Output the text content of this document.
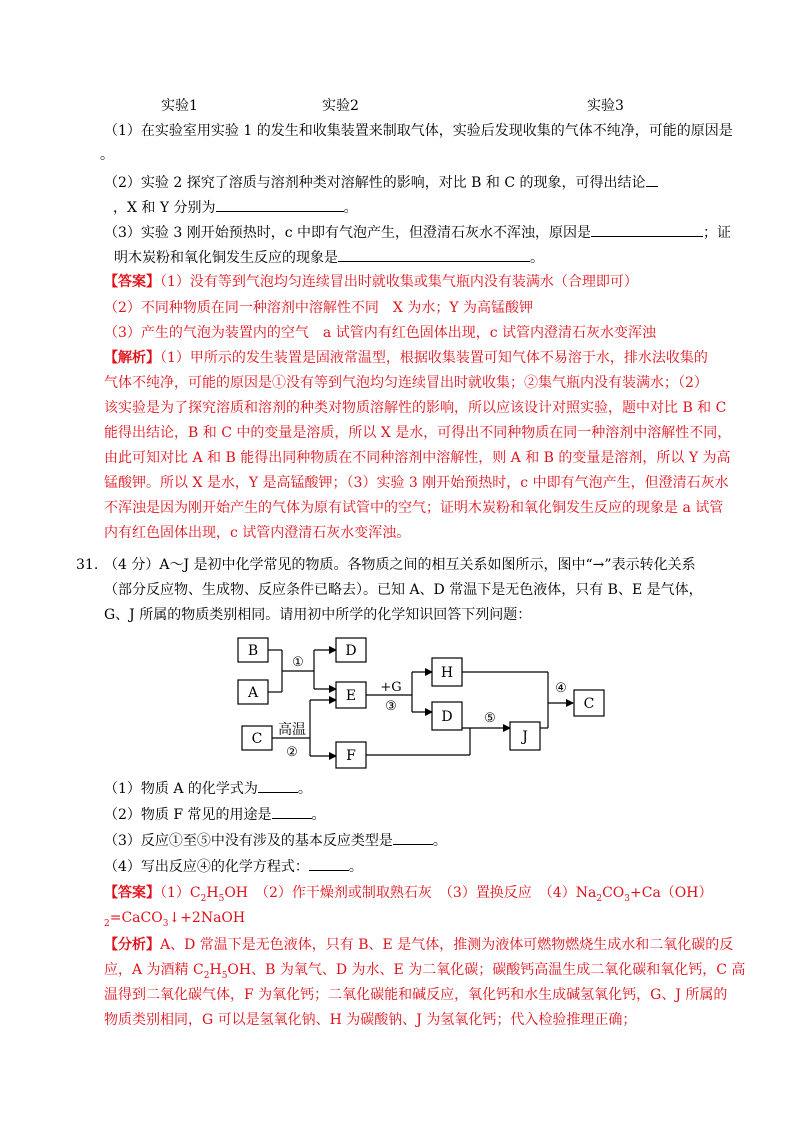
实验1	实验2	实验3
（1）在实验室用实验 1 的发生和收集装置来制取气体，实验后发现收集的气体不纯净，可能的原因是
。
（2）实验 2 探究了溶质与溶剂种类对溶解性的影响，对比 B 和 C 的现象，可得出结论
，X 和 Y 分别为	。
（3）实验 3 刚开始预热时，c 中即有气泡产生，但澄清石灰水不浑浊，原因是	；证
明木炭粉和氧化铜发生反应的现象是	。
【答案】（1）没有等到气泡均匀连续冒出时就收集或集气瓶内没有装满水（合理即可）
（2）不同种物质在同一种溶剂中溶解性不同　X 为水；Y 为高锰酸钾
（3）产生的气泡为装置内的空气　a 试管内有红色固体出现，c 试管内澄清石灰水变浑浊
【解析】（1）甲所示的发生装置是固液常温型，根据收集装置可知气体不易溶于水，排水法收集的
气体不纯净，可能的原因是①没有等到气泡均匀连续冒出时就收集；②集气瓶内没有装满水；（2）
该实验是为了探究溶质和溶剂的种类对物质溶解性的影响，所以应该设计对照实验，题中对比 B 和 C
能得出结论，B 和 C 中的变量是溶质，所以 X 是水，可得出不同种物质在同一种溶剂中溶解性不同，
由此可知对比 A 和 B 能得出同种物质在不同种溶剂中溶解性，则 A 和 B 的变量是溶剂，所以 Y 为高
锰酸钾。所以 X 是水，Y 是高锰酸钾；（3）实验 3 刚开始预热时，c 中即有气泡产生，但澄清石灰水
不浑浊是因为刚开始产生的气体为原有试管中的空气；证明木炭粉和氧化铜发生反应的现象是 a 试管
内有红色固体出现，c 试管内澄清石灰水变浑浊。
31. （4 分）A～J 是初中化学常见的物质。各物质之间的相互关系如图所示，图中“→”表示转化关系
（部分反应物、生成物、反应条件已略去）。已知 A、D 常温下是无色液体，只有 B、E 是气体，
G、J 所属的物质类别相同。请用初中所学的化学知识回答下列问题：
B
A
C
D
E
F
H
D
J
C
①
②
③
④
⑤
高温
+G
（1）物质 A 的化学式为	。
（2）物质 F 常见的用途是	。
（3）反应①至⑤中没有涉及的基本反应类型是	。
（4）写出反应④的化学方程式：	。
【答案】$(1)C_2H_5OH$　（2）作干燥剂或制取熟石灰　（3）置换反应　$(4)Na_2CO_3+Ca(OH)$
$_2$=CaCO$_3$↓+2NaOH
【分析】A、D 常温下是无色液体，只有 B、E 是气体，推测为液体可燃物燃烧生成水和二氧化碳的反
应，A 为酒精 $C_2H_5OH$、B 为氧气、D 为水、E 为二氧化碳；碳酸钙高温生成二氧化碳和氧化钙，C 高
温得到二氧化碳气体，F 为氧化钙；二氧化碳能和碱反应，氧化钙和水生成碱氢氧化钙，G、J 所属的
物质类别相同，G 可以是氢氧化钠、H 为碳酸钠、J 为氢氧化钙；代入检验推理正确；
